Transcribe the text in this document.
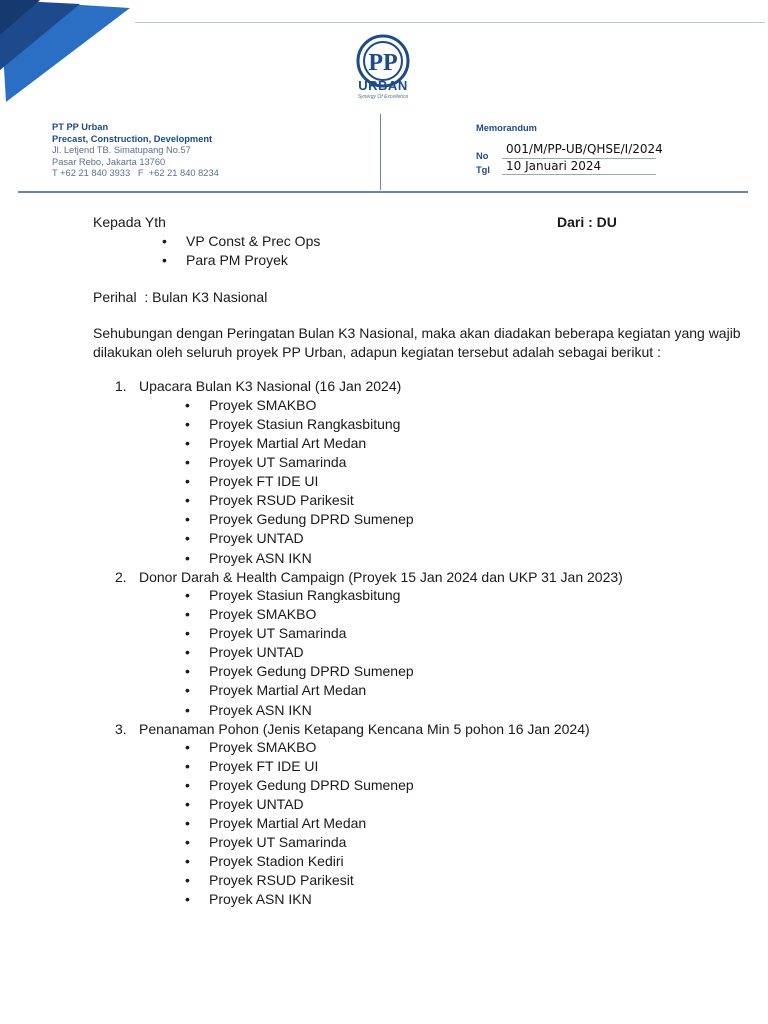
PP
URBAN
Synergy Of Excellence
PT PP Urban
Precast, Construction, Development
Jl. Letjend TB. Simatupang No.57
Pasar Rebo, Jakarta 13760
T +62 21 840 3933   F  +62 21 840 8234
Memorandum
No 001/M/PP-UB/QHSE/I/2024
Tgl 10 Januari 2024
Kepada Yth	Dari : DU
• VP Const & Prec Ops
• Para PM Proyek
Perihal  : Bulan K3 Nasional
Sehubungan dengan Peringatan Bulan K3 Nasional, maka akan diadakan beberapa kegiatan yang wajib
dilakukan oleh seluruh proyek PP Urban, adapun kegiatan tersebut adalah sebagai berikut :
1. Upacara Bulan K3 Nasional (16 Jan 2024)
• Proyek SMAKBO
• Proyek Stasiun Rangkasbitung
• Proyek Martial Art Medan
• Proyek UT Samarinda
• Proyek FT IDE UI
• Proyek RSUD Parikesit
• Proyek Gedung DPRD Sumenep
• Proyek UNTAD
• Proyek ASN IKN
2. Donor Darah & Health Campaign (Proyek 15 Jan 2024 dan UKP 31 Jan 2023)
• Proyek Stasiun Rangkasbitung
• Proyek SMAKBO
• Proyek UT Samarinda
• Proyek UNTAD
• Proyek Gedung DPRD Sumenep
• Proyek Martial Art Medan
• Proyek ASN IKN
3. Penanaman Pohon (Jenis Ketapang Kencana Min 5 pohon 16 Jan 2024)
• Proyek SMAKBO
• Proyek FT IDE UI
• Proyek Gedung DPRD Sumenep
• Proyek UNTAD
• Proyek Martial Art Medan
• Proyek UT Samarinda
• Proyek Stadion Kediri
• Proyek RSUD Parikesit
• Proyek ASN IKN
